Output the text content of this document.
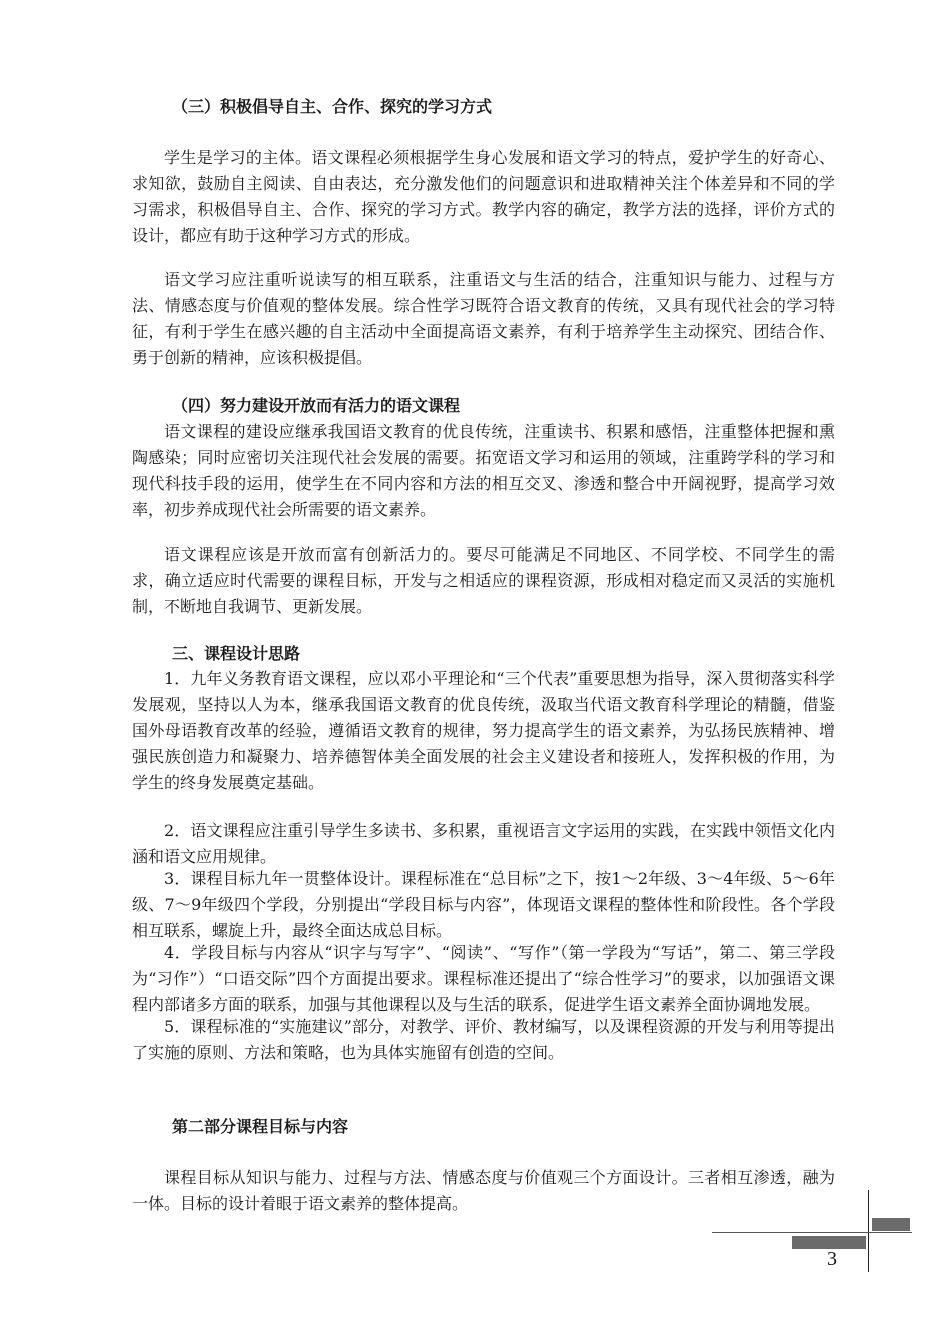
（三）积极倡导自主、合作、探究的学习方式

学生是学习的主体。语文课程必须根据学生身心发展和语文学习的特点，爱护学生的好奇心、求知欲，鼓励自主阅读、自由表达，充分激发他们的问题意识和进取精神关注个体差异和不同的学习需求，积极倡导自主、合作、探究的学习方式。教学内容的确定，教学方法的选择，评价方式的设计，都应有助于这种学习方式的形成。

语文学习应注重听说读写的相互联系，注重语文与生活的结合，注重知识与能力、过程与方法、情感态度与价值观的整体发展。综合性学习既符合语文教育的传统，又具有现代社会的学习特征，有利于学生在感兴趣的自主活动中全面提高语文素养，有利于培养学生主动探究、团结合作、勇于创新的精神，应该积极提倡。

（四）努力建设开放而有活力的语文课程

语文课程的建设应继承我国语文教育的优良传统，注重读书、积累和感悟，注重整体把握和熏陶感染；同时应密切关注现代社会发展的需要。拓宽语文学习和运用的领域，注重跨学科的学习和现代科技手段的运用，使学生在不同内容和方法的相互交叉、渗透和整合中开阔视野，提高学习效率，初步养成现代社会所需要的语文素养。

语文课程应该是开放而富有创新活力的。要尽可能满足不同地区、不同学校、不同学生的需求，确立适应时代需要的课程目标，开发与之相适应的课程资源，形成相对稳定而又灵活的实施机制，不断地自我调节、更新发展。

三、课程设计思路

1．九年义务教育语文课程，应以邓小平理论和“三个代表”重要思想为指导，深入贯彻落实科学发展观，坚持以人为本，继承我国语文教育的优良传统，汲取当代语文教育科学理论的精髓，借鉴国外母语教育改革的经验，遵循语文教育的规律，努力提高学生的语文素养，为弘扬民族精神、增强民族创造力和凝聚力、培养德智体美全面发展的社会主义建设者和接班人，发挥积极的作用，为学生的终身发展奠定基础。

2．语文课程应注重引导学生多读书、多积累，重视语言文字运用的实践，在实践中领悟文化内涵和语文应用规律。

3．课程目标九年一贯整体设计。课程标准在“总目标”之下，按1～2年级、3～4年级、5～6年级、7～9年级四个学段，分别提出“学段目标与内容”，体现语文课程的整体性和阶段性。各个学段相互联系，螺旋上升，最终全面达成总目标。

4．学段目标与内容从“识字与写字”、“阅读”、“写作”（第一学段为“写话”，第二、第三学段为“习作”）“口语交际”四个方面提出要求。课程标准还提出了“综合性学习”的要求，以加强语文课程内部诸多方面的联系，加强与其他课程以及与生活的联系，促进学生语文素养全面协调地发展。

5．课程标准的“实施建议”部分，对教学、评价、教材编写，以及课程资源的开发与利用等提出了实施的原则、方法和策略，也为具体实施留有创造的空间。

第二部分课程目标与内容

课程目标从知识与能力、过程与方法、情感态度与价值观三个方面设计。三者相互渗透，融为一体。目标的设计着眼于语文素养的整体提高。

3
